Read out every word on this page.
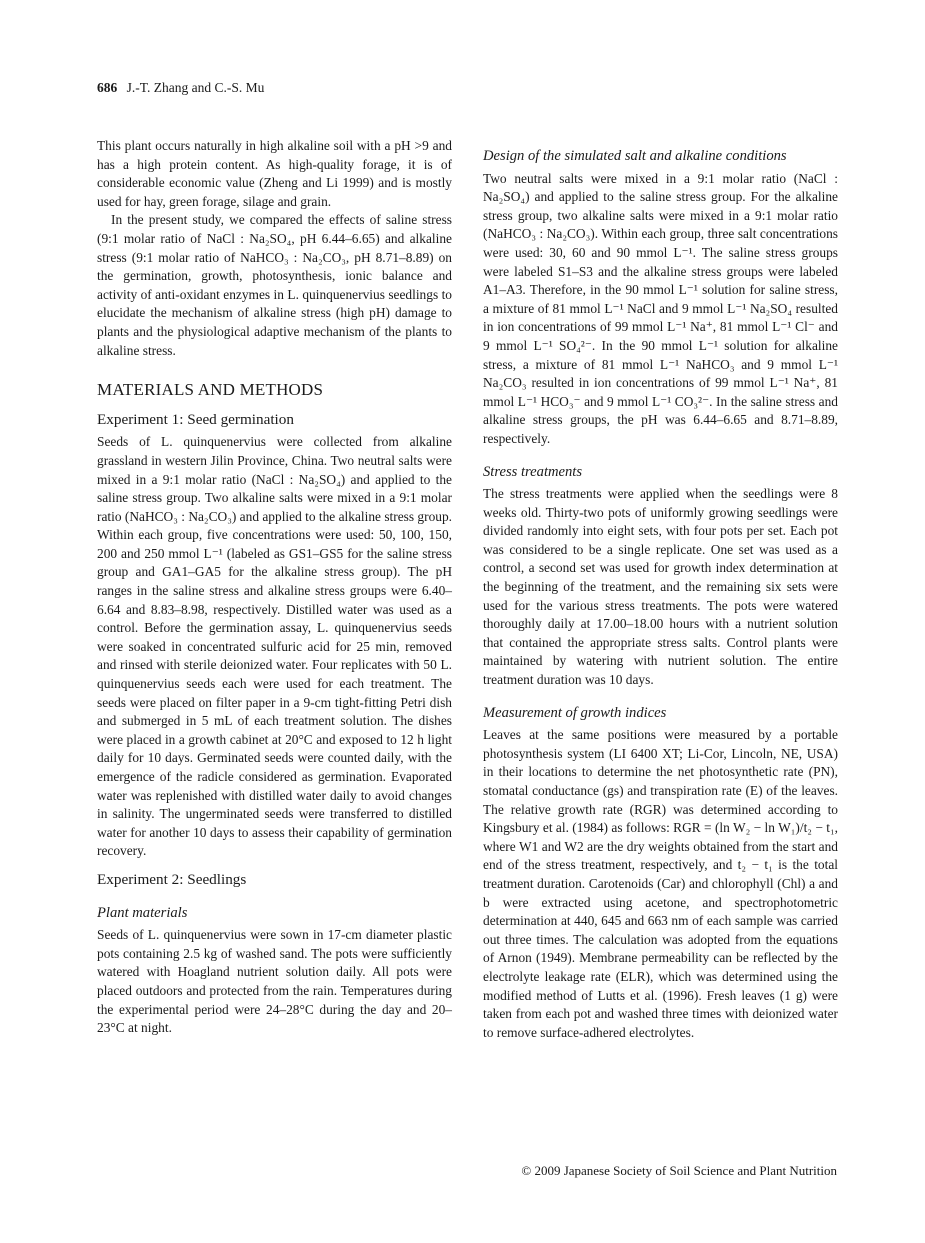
686 J.-T. Zhang and C.-S. Mu

This plant occurs naturally in high alkaline soil with a pH >9 and has a high protein content. As high-quality forage, it is of considerable economic value (Zheng and Li 1999) and is mostly used for hay, green forage, silage and grain.

In the present study, we compared the effects of saline stress (9:1 molar ratio of NaCl : Na₂SO₄, pH 6.44–6.65) and alkaline stress (9:1 molar ratio of NaHCO₃ : Na₂CO₃, pH 8.71–8.89) on the germination, growth, photosynthesis, ionic balance and activity of anti-oxidant enzymes in L. quinquenervius seedlings to elucidate the mechanism of alkaline stress (high pH) damage to plants and the physiological adaptive mechanism of the plants to alkaline stress.

MATERIALS AND METHODS
Experiment 1: Seed germination

Seeds of L. quinquenervius were collected from alkaline grassland in western Jilin Province, China. Two neutral salts were mixed in a 9:1 molar ratio (NaCl : Na₂SO₄) and applied to the saline stress group. Two alkaline salts were mixed in a 9:1 molar ratio (NaHCO₃ : Na₂CO₃) and applied to the alkaline stress group. Within each group, five concentrations were used: 50, 100, 150, 200 and 250 mmol L⁻¹ (labeled as GS1–GS5 for the saline stress group and GA1–GA5 for the alkaline stress group). The pH ranges in the saline stress and alkaline stress groups were 6.40–6.64 and 8.83–8.98, respectively. Distilled water was used as a control. Before the germination assay, L. quinquenervius seeds were soaked in concentrated sulfuric acid for 25 min, removed and rinsed with sterile deionized water. Four replicates with 50 L. quinquenervius seeds each were used for each treatment. The seeds were placed on filter paper in a 9-cm tight-fitting Petri dish and submerged in 5 mL of each treatment solution. The dishes were placed in a growth cabinet at 20°C and exposed to 12 h light daily for 10 days. Germinated seeds were counted daily, with the emergence of the radicle considered as germination. Evaporated water was replenished with distilled water daily to avoid changes in salinity. The ungerminated seeds were transferred to distilled water for another 10 days to assess their capability of germination recovery.

Experiment 2: Seedlings
Plant materials

Seeds of L. quinquenervius were sown in 17-cm diameter plastic pots containing 2.5 kg of washed sand. The pots were sufficiently watered with Hoagland nutrient solution daily. All pots were placed outdoors and protected from the rain. Temperatures during the experimental period were 24–28°C during the day and 20–23°C at night.

Design of the simulated salt and alkaline conditions

Two neutral salts were mixed in a 9:1 molar ratio (NaCl : Na₂SO₄) and applied to the saline stress group. For the alkaline stress group, two alkaline salts were mixed in a 9:1 molar ratio (NaHCO₃ : Na₂CO₃). Within each group, three salt concentrations were used: 30, 60 and 90 mmol L⁻¹. The saline stress groups were labeled S1–S3 and the alkaline stress groups were labeled A1–A3. Therefore, in the 90 mmol L⁻¹ solution for saline stress, a mixture of 81 mmol L⁻¹ NaCl and 9 mmol L⁻¹ Na₂SO₄ resulted in ion concentrations of 99 mmol L⁻¹ Na⁺, 81 mmol L⁻¹ Cl⁻ and 9 mmol L⁻¹ SO₄²⁻. In the 90 mmol L⁻¹ solution for alkaline stress, a mixture of 81 mmol L⁻¹ NaHCO₃ and 9 mmol L⁻¹ Na₂CO₃ resulted in ion concentrations of 99 mmol L⁻¹ Na⁺, 81 mmol L⁻¹ HCO₃⁻ and 9 mmol L⁻¹ CO₃²⁻. In the saline stress and alkaline stress groups, the pH was 6.44–6.65 and 8.71–8.89, respectively.

Stress treatments

The stress treatments were applied when the seedlings were 8 weeks old. Thirty-two pots of uniformly growing seedlings were divided randomly into eight sets, with four pots per set. Each pot was considered to be a single replicate. One set was used as a control, a second set was used for growth index determination at the beginning of the treatment, and the remaining six sets were used for the various stress treatments. The pots were watered thoroughly daily at 17.00–18.00 hours with a nutrient solution that contained the appropriate stress salts. Control plants were maintained by watering with nutrient solution. The entire treatment duration was 10 days.

Measurement of growth indices

Leaves at the same positions were measured by a portable photosynthesis system (LI 6400 XT; Li-Cor, Lincoln, NE, USA) in their locations to determine the net photosynthetic rate (PN), stomatal conductance (gs) and transpiration rate (E) of the leaves. The relative growth rate (RGR) was determined according to Kingsbury et al. (1984) as follows: RGR = (ln W₂ − ln W₁)/t₂ − t₁, where W1 and W2 are the dry weights obtained from the start and end of the stress treatment, respectively, and t₂ − t₁ is the total treatment duration. Carotenoids (Car) and chlorophyll (Chl) a and b were extracted using acetone, and spectrophotometric determination at 440, 645 and 663 nm of each sample was carried out three times. The calculation was adopted from the equations of Arnon (1949). Membrane permeability can be reflected by the electrolyte leakage rate (ELR), which was determined using the modified method of Lutts et al. (1996). Fresh leaves (1 g) were taken from each pot and washed three times with deionized water to remove surface-adhered electrolytes.

© 2009 Japanese Society of Soil Science and Plant Nutrition
